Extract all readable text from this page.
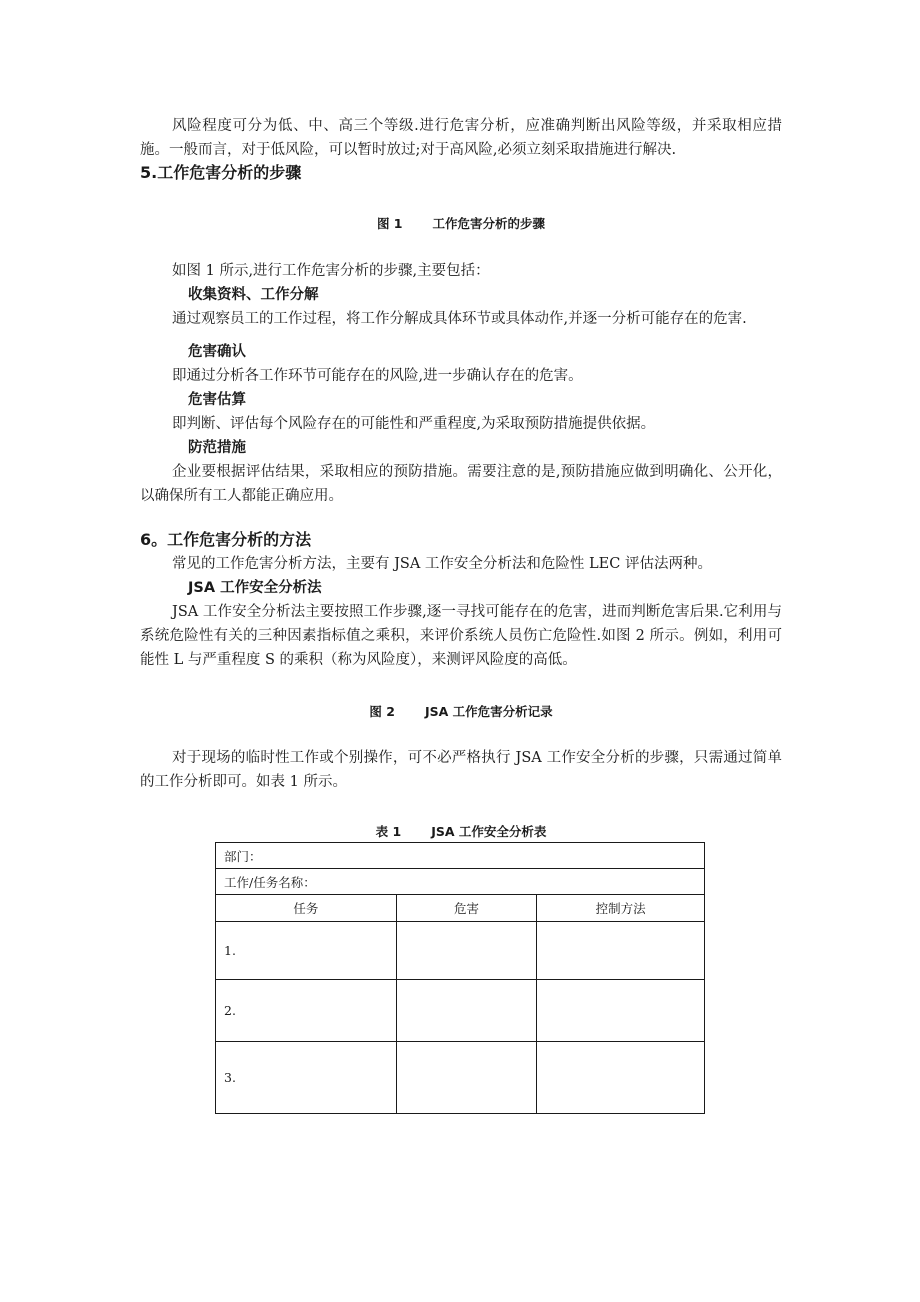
风险程度可分为低、中、高三个等级.进行危害分析，应准确判断出风险等级，并采取相应措施。一般而言，对于低风险，可以暂时放过;对于高风险,必须立刻采取措施进行解决.

5.工作危害分析的步骤

图 1 工作危害分析的步骤

如图 1 所示,进行工作危害分析的步骤,主要包括：

收集资料、工作分解

通过观察员工的工作过程，将工作分解成具体环节或具体动作,并逐一分析可能存在的危害.

危害确认

即通过分析各工作环节可能存在的风险,进一步确认存在的危害。

危害估算

即判断、评估每个风险存在的可能性和严重程度,为采取预防措施提供依据。

防范措施

企业要根据评估结果，采取相应的预防措施。需要注意的是,预防措施应做到明确化、公开化，以确保所有工人都能正确应用。

6。工作危害分析的方法

常见的工作危害分析方法，主要有 JSA 工作安全分析法和危险性 LEC 评估法两种。

JSA 工作安全分析法

JSA 工作安全分析法主要按照工作步骤,逐一寻找可能存在的危害，进而判断危害后果.它利用与系统危险性有关的三种因素指标值之乘积，来评价系统人员伤亡危险性.如图 2 所示。例如，利用可能性 L 与严重程度 S 的乘积（称为风险度），来测评风险度的高低。

图 2 JSA 工作危害分析记录

对于现场的临时性工作或个别操作，可不必严格执行 JSA 工作安全分析的步骤，只需通过简单的工作分析即可。如表 1 所示。

表 1 JSA 工作安全分析表

部门：		
工作/任务名称：		
任务	危害	控制方法
1.		
2.		
3.		
